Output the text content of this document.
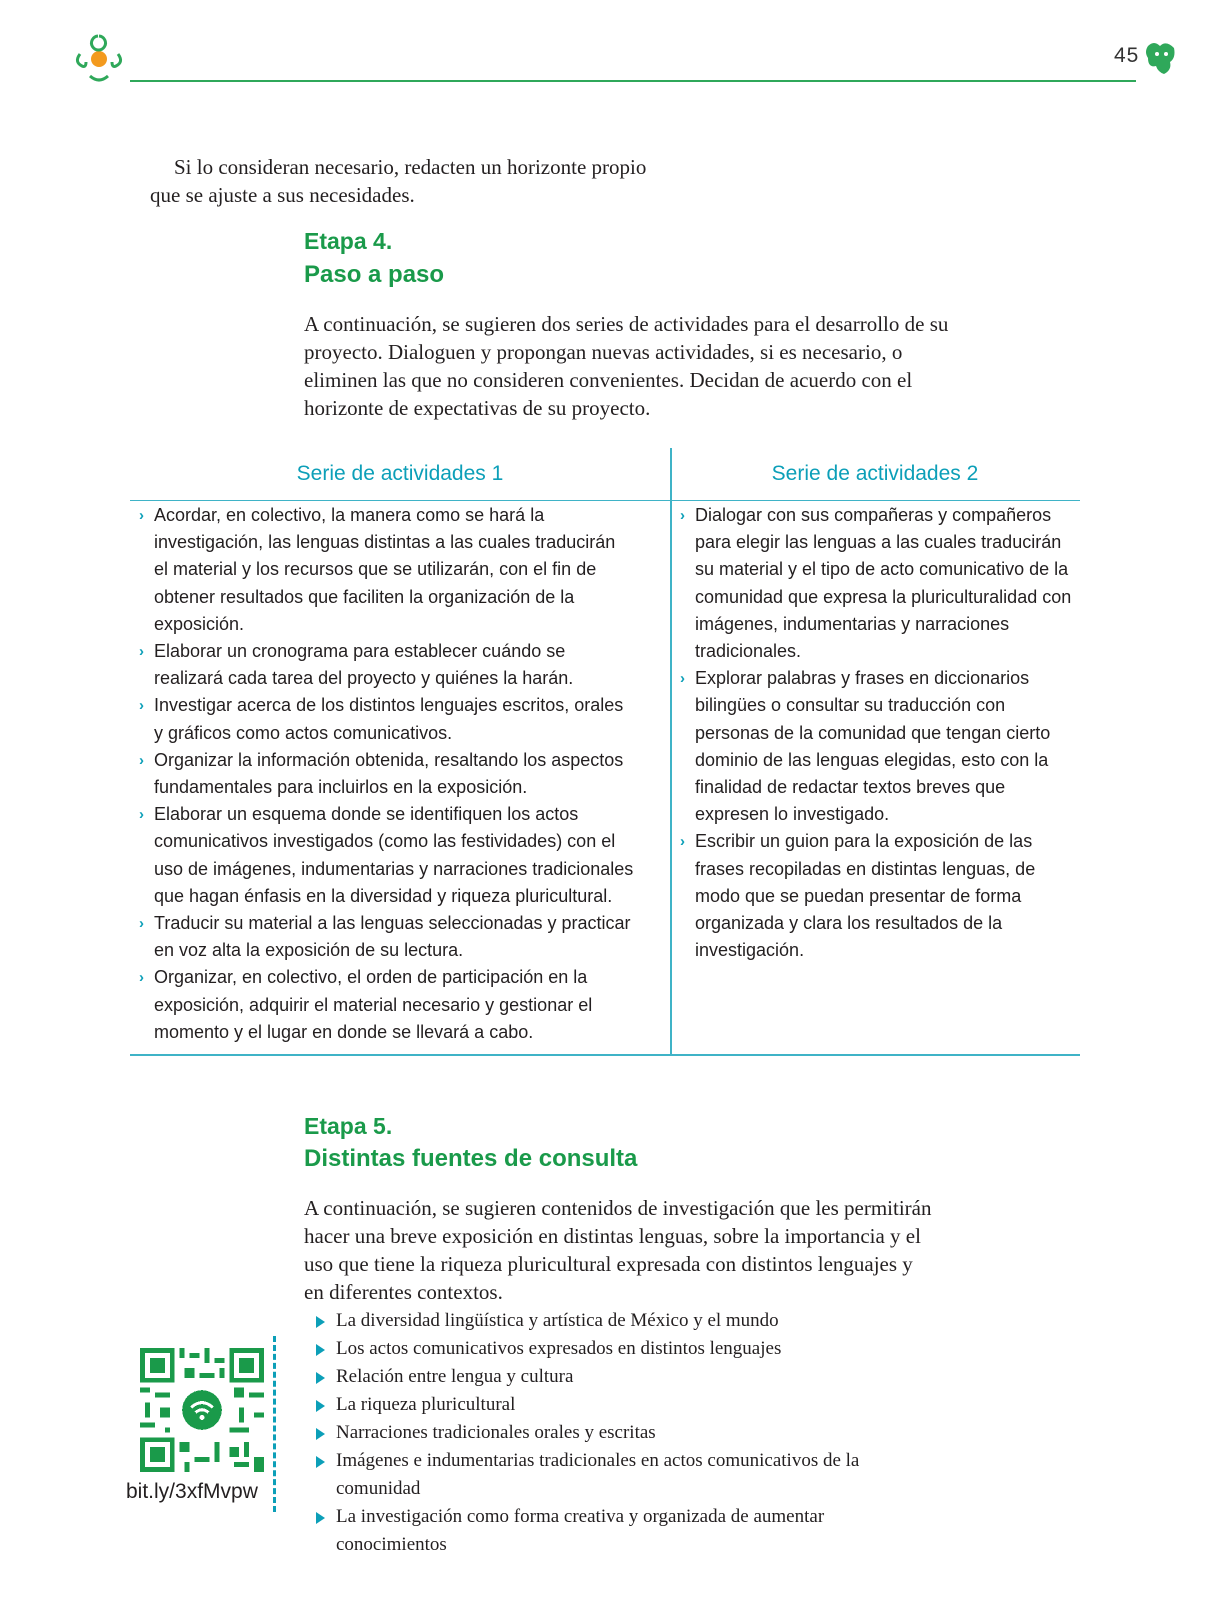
45

Si lo consideran necesario, redacten un horizonte propio que se ajuste a sus necesidades.

Etapa 4.
Paso a paso

A continuación, se sugieren dos series de actividades para el desarrollo de su proyecto. Dialoguen y propongan nuevas actividades, si es necesario, o eliminen las que no consideren convenientes. Decidan de acuerdo con el horizonte de expectativas de su proyecto.

Serie de actividades 1	Serie de actividades 2
› Acordar, en colectivo, la manera como se hará la investigación, las lenguas distintas a las cuales traducirán el material y los recursos que se utilizarán, con el fin de obtener resultados que faciliten la organización de la exposición.
› Elaborar un cronograma para establecer cuándo se realizará cada tarea del proyecto y quiénes la harán.
› Investigar acerca de los distintos lenguajes escritos, orales y gráficos como actos comunicativos.
› Organizar la información obtenida, resaltando los aspectos fundamentales para incluirlos en la exposición.
› Elaborar un esquema donde se identifiquen los actos comunicativos investigados (como las festividades) con el uso de imágenes, indumentarias y narraciones tradicionales que hagan énfasis en la diversidad y riqueza pluricultural.
› Traducir su material a las lenguas seleccionadas y practicar en voz alta la exposición de su lectura.
› Organizar, en colectivo, el orden de participación en la exposición, adquirir el material necesario y gestionar el momento y el lugar en donde se llevará a cabo.
› Dialogar con sus compañeras y compañeros para elegir las lenguas a las cuales traducirán su material y el tipo de acto comunicativo de la comunidad que expresa la pluriculturalidad con imágenes, indumentarias y narraciones tradicionales.
› Explorar palabras y frases en diccionarios bilingües o consultar su traducción con personas de la comunidad que tengan cierto dominio de las lenguas elegidas, esto con la finalidad de redactar textos breves que expresen lo investigado.
› Escribir un guion para la exposición de las frases recopiladas en distintas lenguas, de modo que se puedan presentar de forma organizada y clara los resultados de la investigación.
Etapa 5.
Distintas fuentes de consulta

A continuación, se sugieren contenidos de investigación que les permitirán hacer una breve exposición en distintas lenguas, sobre la importancia y el uso que tiene la riqueza pluricultural expresada con distintos lenguajes y en diferentes contextos.

La diversidad lingüística y artística de México y el mundo
Los actos comunicativos expresados en distintos lenguajes
Relación entre lengua y cultura
La riqueza pluricultural
Narraciones tradicionales orales y escritas
Imágenes e indumentarias tradicionales en actos comunicativos de la comunidad
La investigación como forma creativa y organizada de aumentar conocimientos

bit.ly/3xfMvpw
